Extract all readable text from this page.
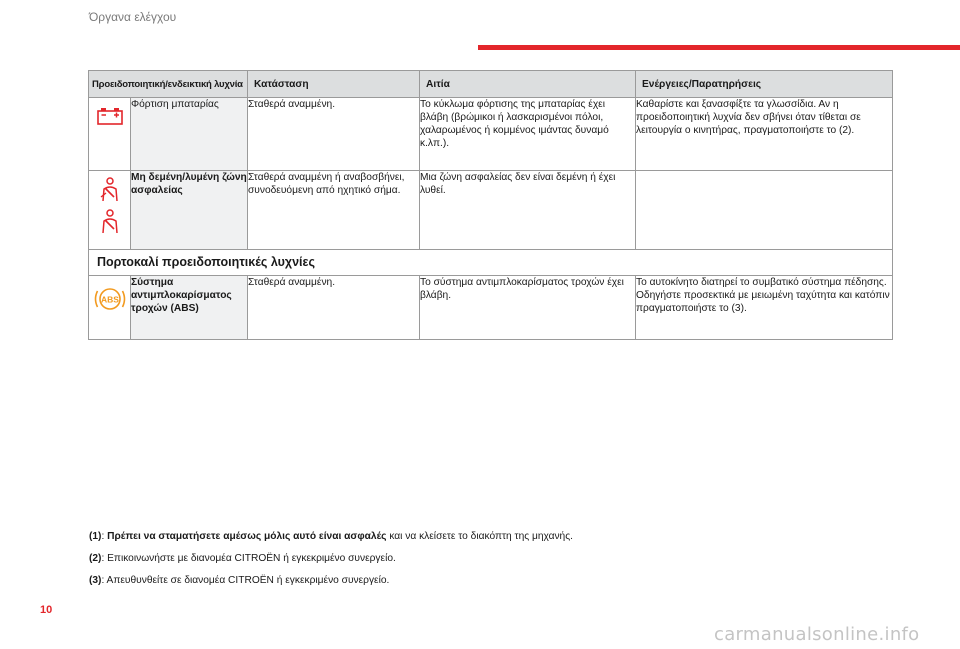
Όργανα ελέγχου
Προειδοποιητική/ενδεικτική λυχνία		Κατάσταση	Αιτία	Ενέργειες/Παρατηρήσεις
	Φόρτιση μπαταρίας	Σταθερά αναμμένη.	Το κύκλωμα φόρτισης της μπαταρίας έχει βλάβη (βρώμικοι ή λασκαρισμένοι πόλοι, χαλαρωμένος ή κομμένος ιμάντας δυναμό κ.λπ.).	Καθαρίστε και ξανασφίξτε τα γλωσσίδια. Αν η προειδοποιητική λυχνία δεν σβήνει όταν τίθεται σε λειτουργία ο κινητήρας, πραγματοποιήστε το (2).
	Μη δεμένη/λυμένη ζώνη ασφαλείας	Σταθερά αναμμένη ή αναβοσβήνει, συνοδευόμενη από ηχητικό σήμα.	Μια ζώνη ασφαλείας δεν είναι δεμένη ή έχει λυθεί.	
Πορτοκαλί προειδοποιητικές λυχνίες				

ABS	Σύστημα αντιμπλοκαρίσματος τροχών (ABS)	Σταθερά αναμμένη.	Το σύστημα αντιμπλοκαρίσματος τροχών έχει βλάβη.	Το αυτοκίνητο διατηρεί το συμβατικό σύστημα πέδησης.
Οδηγήστε προσεκτικά με μειωμένη ταχύτητα και κατόπιν πραγματοποιήστε το (3).
(1): Πρέπει να σταματήσετε αμέσως μόλις αυτό είναι ασφαλές και να κλείσετε το διακόπτη της μηχανής.
(2): Επικοινωνήστε με διανομέα CITROËN ή εγκεκριμένο συνεργείο.
(3): Απευθυνθείτε σε διανομέα CITROËN ή εγκεκριμένο συνεργείο.
10
carmanualsonline.info
